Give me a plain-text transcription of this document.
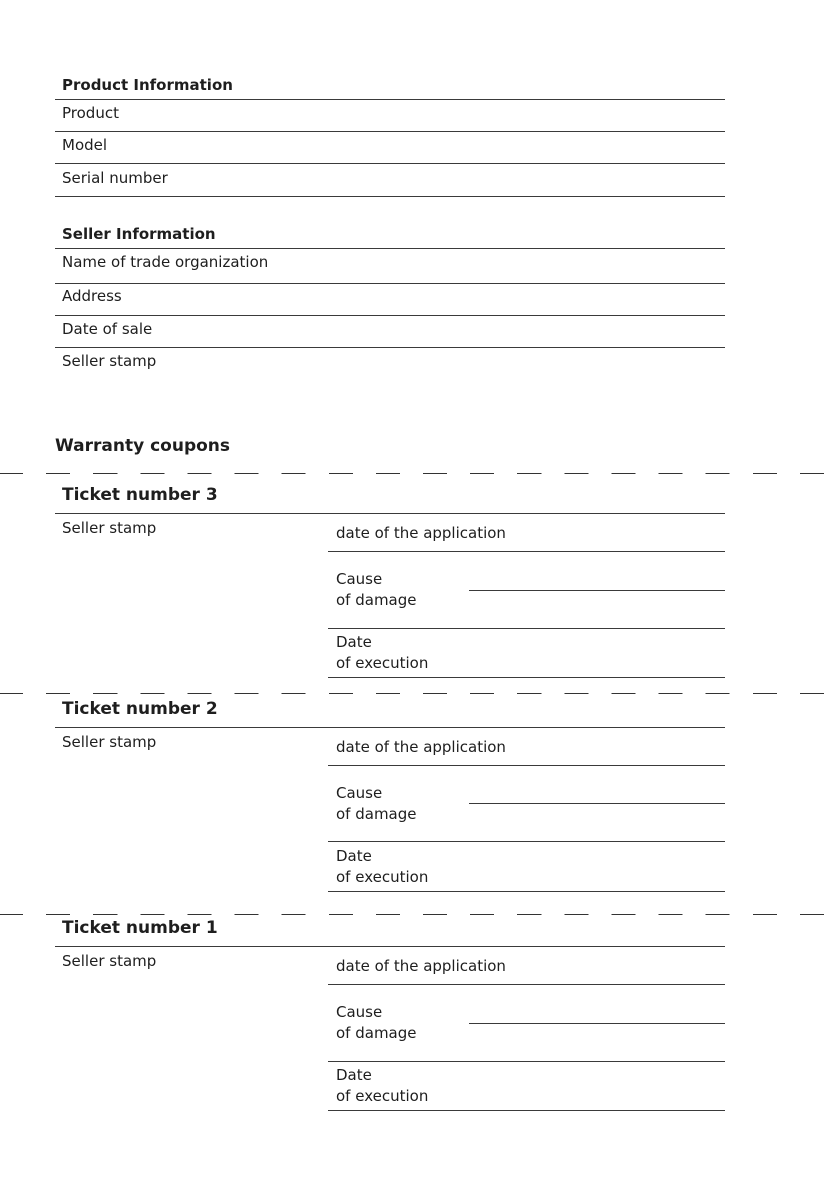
Product Information
Product
Model
Serial number
Seller Information
Name of trade organization
Address
Date of sale
Seller stamp
Warranty coupons
Ticket number 3
Seller stamp	date of the application
Cause
of damage
Date
of execution
Ticket number 2
Seller stamp	date of the application
Cause
of damage
Date
of execution
Ticket number 1
Seller stamp	date of the application
Cause
of damage
Date
of execution
